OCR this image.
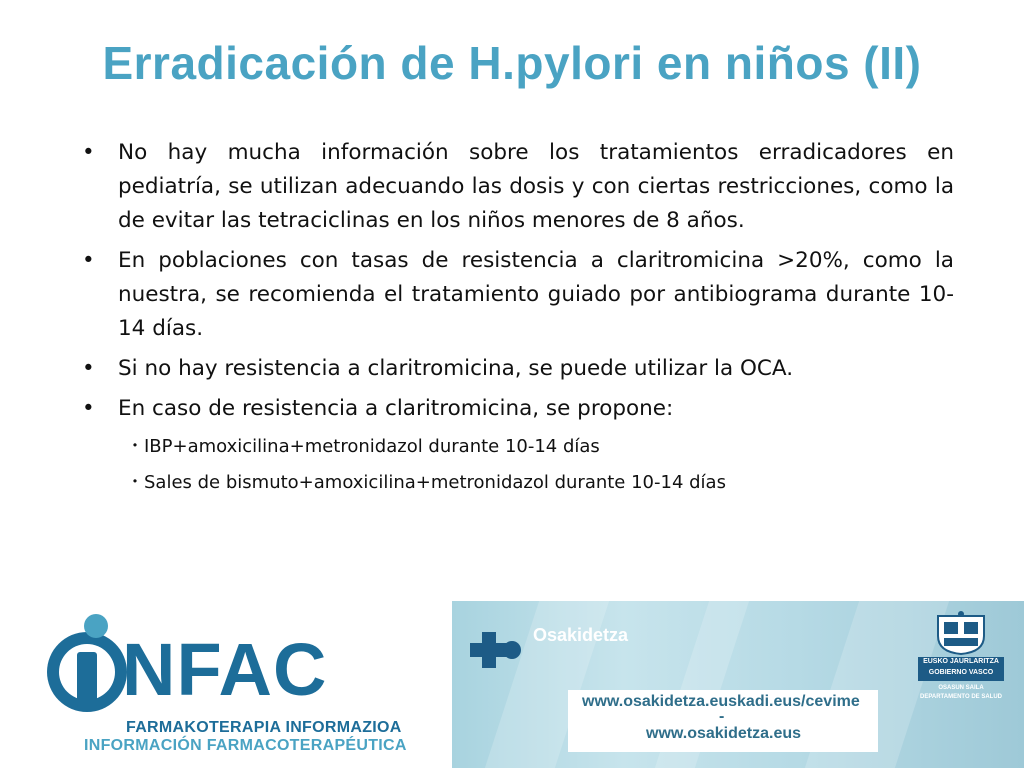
Erradicación de H.pylori en niños (II)
•	No hay mucha información sobre los tratamientos erradicadores en pediatría, se utilizan adecuando las dosis y con ciertas restricciones, como la de evitar las tetraciclinas en los niños menores de 8 años.
•	En poblaciones con tasas de resistencia a claritromicina >20%, como la nuestra, se recomienda el tratamiento guiado por antibiograma durante 10-14 días.
•	Si no hay resistencia a claritromicina, se puede utilizar la OCA.
•	En caso de resistencia a claritromicina, se propone:
・IBP+amoxicilina+metronidazol durante 10-14 días
・Sales de bismuto+amoxicilina+metronidazol durante 10-14 días
NFAC
FARMAKOTERAPIA INFORMAZIOA
INFORMACIÓN FARMACOTERAPÉUTICA
Osakidetza
www.osakidetza.euskadi.eus/cevime
-
www.osakidetza.eus
EUSKO JAURLARITZA
GOBIERNO VASCO
OSASUN SAILA
DEPARTAMENTO DE SALUD
